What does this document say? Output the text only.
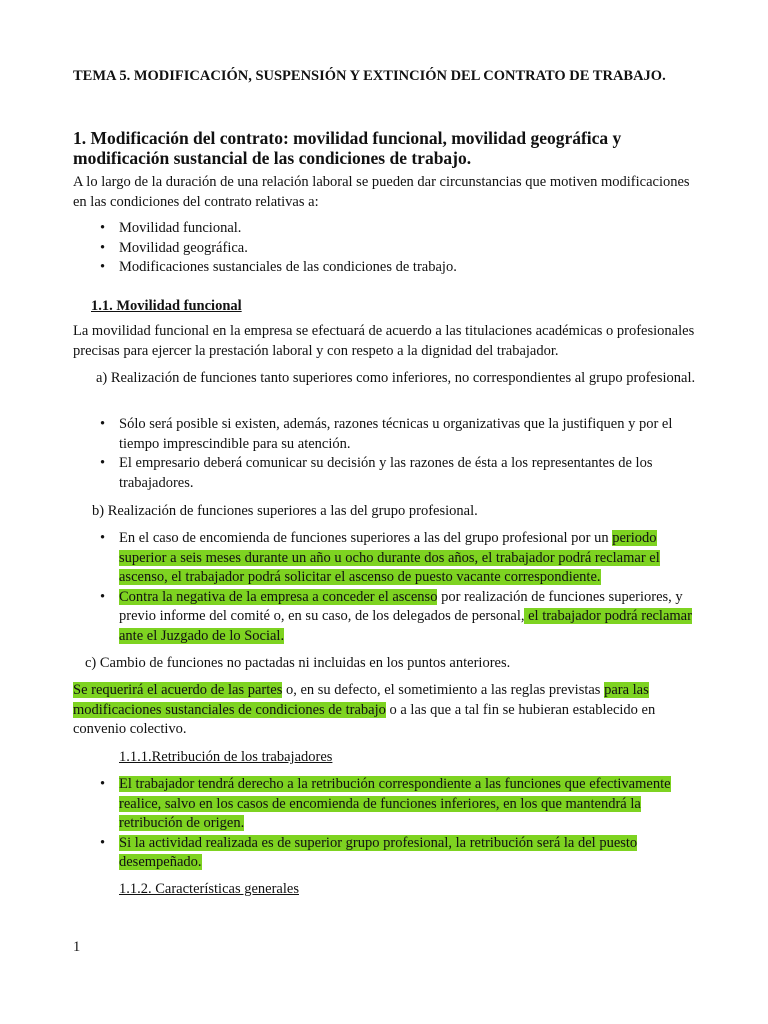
TEMA 5. MODIFICACIÓN, SUSPENSIÓN Y EXTINCIÓN DEL CONTRATO DE TRABAJO.
1. Modificación del contrato: movilidad funcional, movilidad geográfica y modificación sustancial de las condiciones de trabajo.
A lo largo de la duración de una relación laboral se pueden dar circunstancias que motiven modificaciones en las condiciones del contrato relativas a:
• Movilidad funcional.
• Movilidad geográfica.
• Modificaciones sustanciales de las condiciones de trabajo.
1.1. Movilidad funcional
La movilidad funcional en la empresa se efectuará de acuerdo a las titulaciones académicas o profesionales precisas para ejercer la prestación laboral y con respeto a la dignidad del trabajador.
a) Realización de funciones tanto superiores como inferiores, no correspondientes al grupo profesional.
• Sólo será posible si existen, además, razones técnicas u organizativas que la justifiquen y por el tiempo imprescindible para su atención.
• El empresario deberá comunicar su decisión y las razones de ésta a los representantes de los trabajadores.
b) Realización de funciones superiores a las del grupo profesional.
• En el caso de encomienda de funciones superiores a las del grupo profesional por un periodo superior a seis meses durante un año u ocho durante dos años, el trabajador podrá reclamar el ascenso, el trabajador podrá solicitar el ascenso de puesto vacante correspondiente.
• Contra la negativa de la empresa a conceder el ascenso por realización de funciones superiores, y previo informe del comité o, en su caso, de los delegados de personal, el trabajador podrá reclamar ante el Juzgado de lo Social.
c) Cambio de funciones no pactadas ni incluidas en los puntos anteriores.
Se requerirá el acuerdo de las partes o, en su defecto, el sometimiento a las reglas previstas para las modificaciones sustanciales de condiciones de trabajo o a las que a tal fin se hubieran establecido en convenio colectivo.
1.1.1.Retribución de los trabajadores
• El trabajador tendrá derecho a la retribución correspondiente a las funciones que efectivamente realice, salvo en los casos de encomienda de funciones inferiores, en los que mantendrá la retribución de origen.
• Si la actividad realizada es de superior grupo profesional, la retribución será la del puesto desempeñado.
1.1.2. Características generales
1
